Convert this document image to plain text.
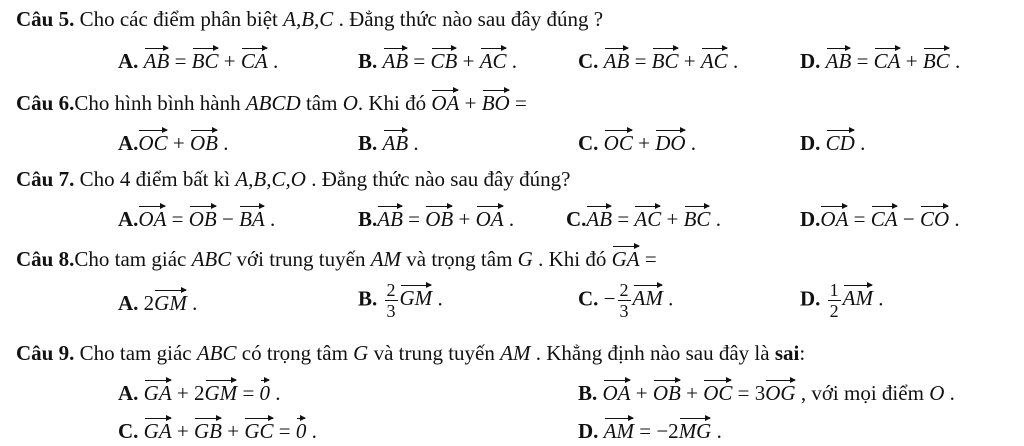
Câu 5. Cho các điểm phân biệt A,B,C . Đẳng thức nào sau đây đúng ?
A. AB = BC + CA .	B. AB = CB + AC .	C. AB = BC + AC .	D. AB = CA + BC .
Câu 6.Cho hình bình hành ABCD tâm O. Khi đó OA + BO =
A.OC + OB .	B. AB .	C. OC + DO .	D. CD .
Câu 7. Cho 4 điểm bất kì A,B,C,O . Đẳng thức nào sau đây đúng?
A.OA = OB − BA .	B.AB = OB + OA . C.AB = AC + BC .	D.OA = CA − CO .
Câu 8.Cho tam giác ABC với trung tuyến AM và trọng tâm G . Khi đó GA =
A. 2GM .	B. $\frac{2}{3}$ GM .	C. − $\frac{2}{3}$ AM .	D. $\frac{1}{2}$ AM .
Câu 9. Cho tam giác ABC có trọng tâm G và trung tuyến AM . Khẳng định nào sau đây là sai:
A. GA + 2GM = 0 .	B. OA + OB + OC = 3OG , với mọi điểm O .
C. GA + GB + GC = 0 .	D. AM = −2MG .
